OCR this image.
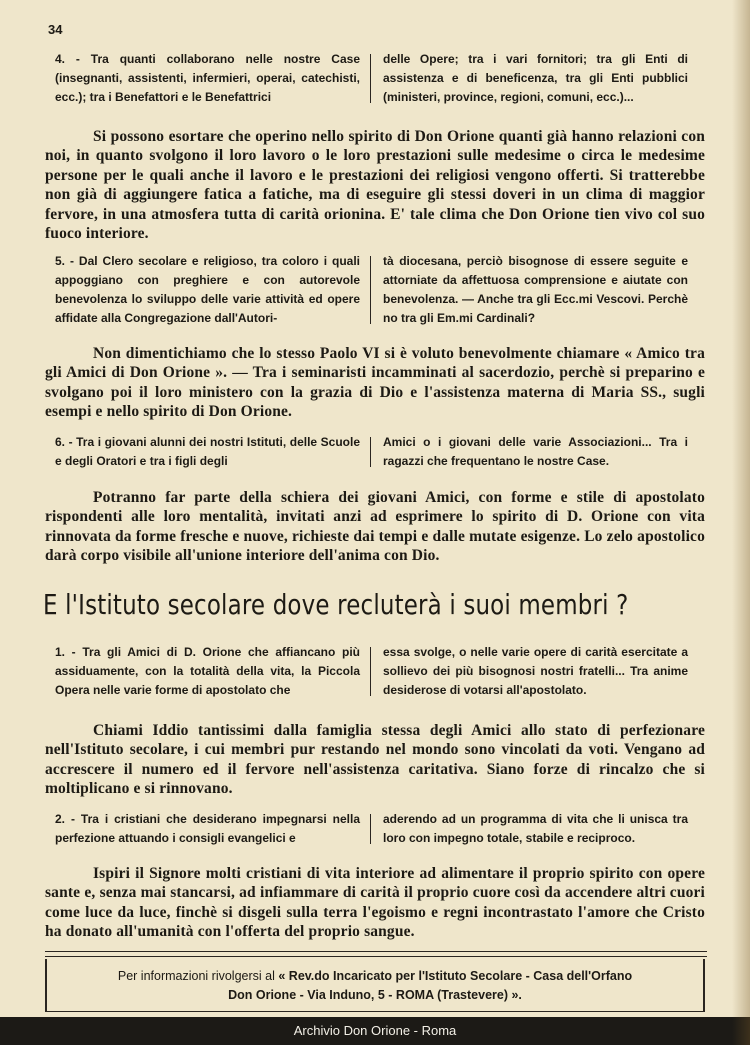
34
4. - Tra quanti collaborano nelle nostre Case (insegnanti, assistenti, infermieri, operai, catechisti, ecc.); tra i Benefattori e le Benefattrici
delle Opere; tra i vari fornitori; tra gli Enti di assistenza e di beneficenza, tra gli Enti pubblici (ministeri, province, regioni, comuni, ecc.)...
Si possono esortare che operino nello spirito di Don Orione quanti già hanno relazioni con noi, in quanto svolgono il loro lavoro o le loro prestazioni sulle medesime o circa le medesime persone per le quali anche il lavoro e le prestazioni dei religiosi vengono offerti. Si tratterebbe non già di aggiungere fatica a fatiche, ma di eseguire gli stessi doveri in un clima di maggior fervore, in una atmosfera tutta di carità orionina. E' tale clima che Don Orione tien vivo col suo fuoco interiore.
5. - Dal Clero secolare e religioso, tra coloro i quali appoggiano con preghiere e con autorevole benevolenza lo sviluppo delle varie attività ed opere affidate alla Congregazione dall'Autori-
tà diocesana, perciò bisognose di essere seguite e attorniate da affettuosa comprensione e aiutate con benevolenza. — Anche tra gli Ecc.mi Vescovi. Perchè no tra gli Em.mi Cardinali?
Non dimentichiamo che lo stesso Paolo VI si è voluto benevolmente chiamare « Amico tra gli Amici di Don Orione ». — Tra i seminaristi incamminati al sacerdozio, perchè si preparino e svolgano poi il loro ministero con la grazia di Dio e l'assistenza materna di Maria SS., sugli esempi e nello spirito di Don Orione.
6. - Tra i giovani alunni dei nostri Istituti, delle Scuole e degli Oratori e tra i figli degli
Amici o i giovani delle varie Associazioni... Tra i ragazzi che frequentano le nostre Case.
Potranno far parte della schiera dei giovani Amici, con forme e stile di apostolato rispondenti alle loro mentalità, invitati anzi ad esprimere lo spirito di D. Orione con vita rinnovata da forme fresche e nuove, richieste dai tempi e dalle mutate esigenze. Lo zelo apostolico darà corpo visibile all'unione interiore dell'anima con Dio.
E l'Istituto secolare dove recluterà i suoi membri ?
1. - Tra gli Amici di D. Orione che affiancano più assiduamente, con la totalità della vita, la Piccola Opera nelle varie forme di apostolato che
essa svolge, o nelle varie opere di carità esercitate a sollievo dei più bisognosi nostri fratelli... Tra anime desiderose di votarsi all'apostolato.
Chiami Iddio tantissimi dalla famiglia stessa degli Amici allo stato di perfezionare nell'Istituto secolare, i cui membri pur restando nel mondo sono vincolati da voti. Vengano ad accrescere il numero ed il fervore nell'assistenza caritativa. Siano forze di rincalzo che si moltiplicano e si rinnovano.
2. - Tra i cristiani che desiderano impegnarsi nella perfezione attuando i consigli evangelici e
aderendo ad un programma di vita che li unisca tra loro con impegno totale, stabile e reciproco.
Ispiri il Signore molti cristiani di vita interiore ad alimentare il proprio spirito con opere sante e, senza mai stancarsi, ad infiammare di carità il proprio cuore così da accendere altri cuori come luce da luce, finchè si disgeli sulla terra l'egoismo e regni incontrastato l'amore che Cristo ha donato all'umanità con l'offerta del proprio sangue.
Per informazioni rivolgersi al « Rev.do Incaricato per l'Istituto Secolare - Casa dell'Orfano
Don Orione - Via Induno, 5 - ROMA (Trastevere) ».
Archivio Don Orione - Roma
